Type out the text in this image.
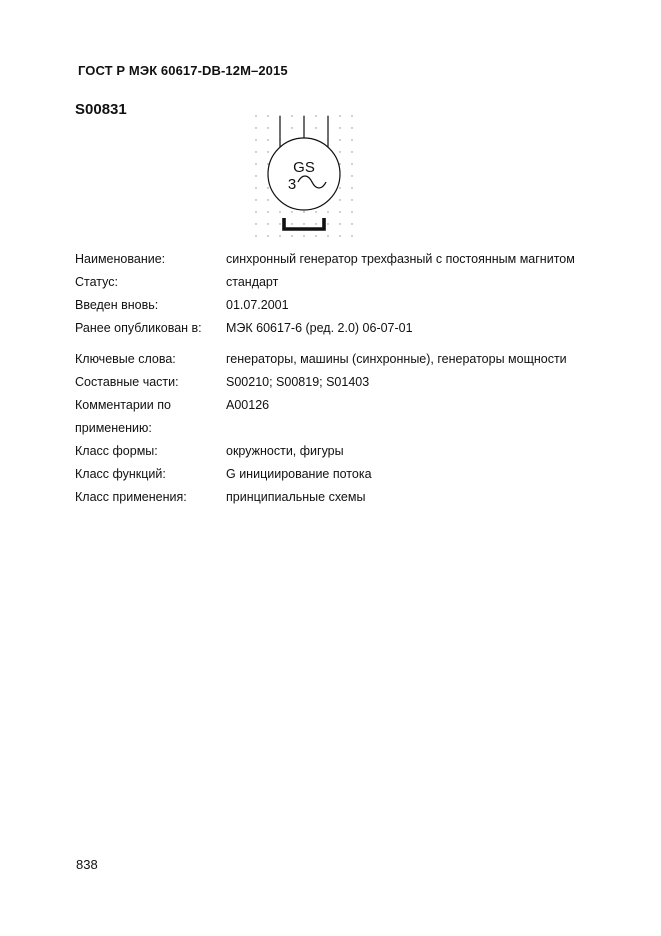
ГОСТ Р МЭК 60617-DB-12М–2015
S00831
GS
3
Наименование:	синхронный генератор трехфазный с постоянным магнитом
Статус:	стандарт
Введен вновь:	01.07.2001
Ранее опубликован в:	МЭК 60617-6 (ред. 2.0) 06-07-01
Ключевые слова:	генераторы, машины (синхронные), генераторы мощности
Составные части:	S00210; S00819; S01403
Комментарии по применению:
A00126
Класс формы:	окружности, фигуры
Класс функций:	G инициирование потока
Класс применения:	принципиальные схемы
838
